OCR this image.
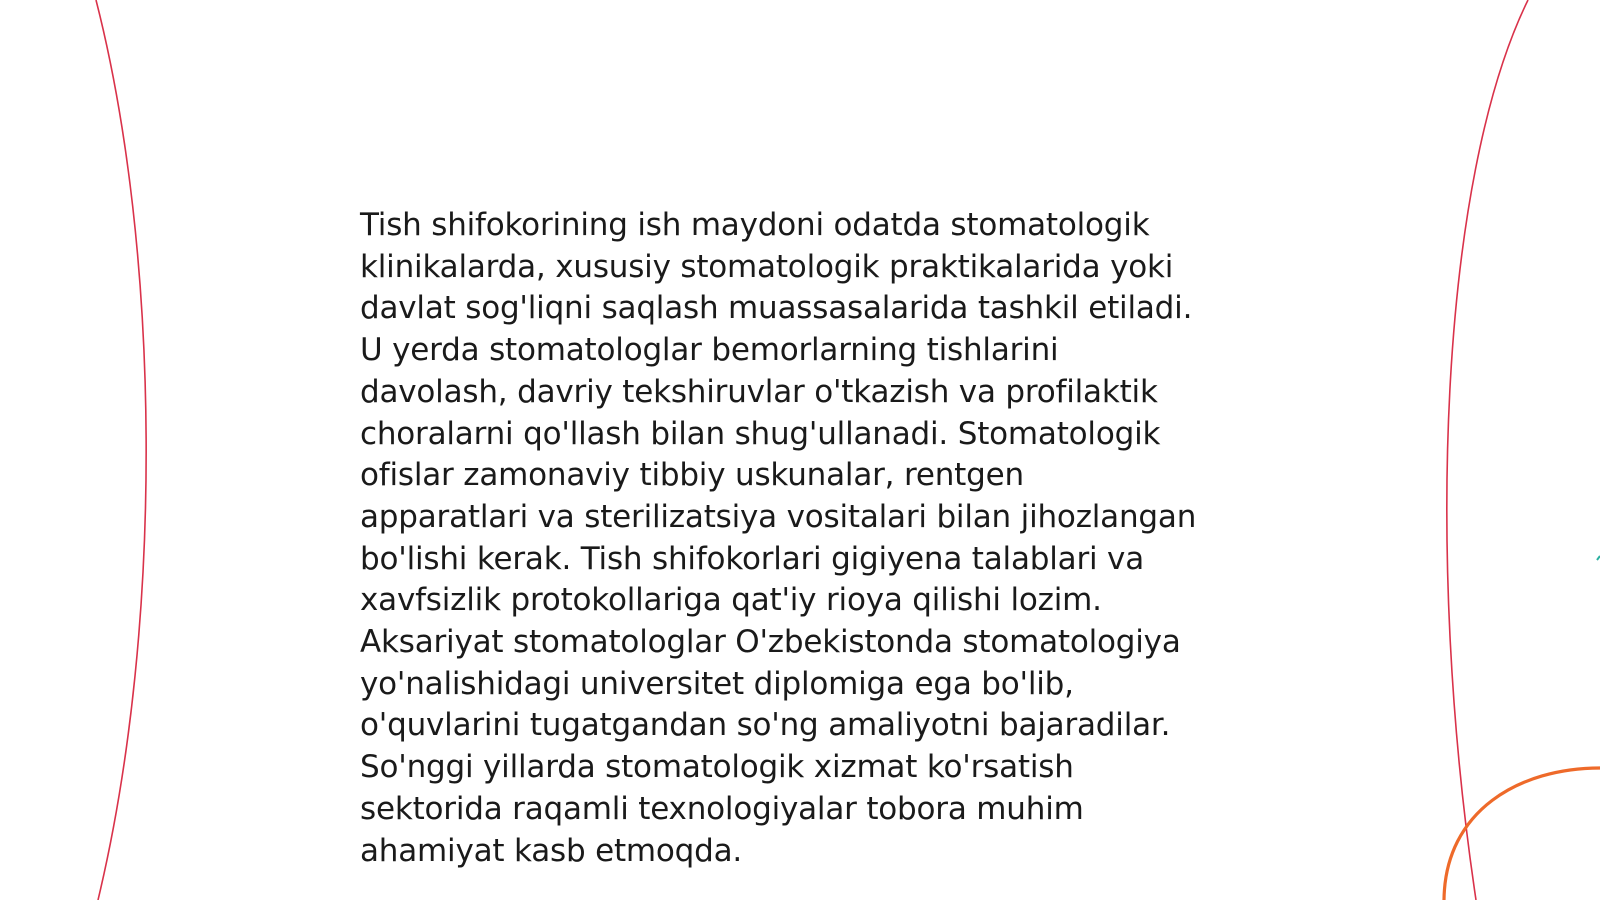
Tish shifokorining ish maydoni odatda stomatologik
klinikalarda, xususiy stomatologik praktikalarida yoki
davlat sog'liqni saqlash muassasalarida tashkil etiladi.
U yerda stomatologlar bemorlarning tishlarini
davolash, davriy tekshiruvlar o'tkazish va profilaktik
choralarni qo'llash bilan shug'ullanadi. Stomatologik
ofislar zamonaviy tibbiy uskunalar, rentgen
apparatlari va sterilizatsiya vositalari bilan jihozlangan
bo'lishi kerak. Tish shifokorlari gigiyena talablari va
xavfsizlik protokollariga qat'iy rioya qilishi lozim.
Aksariyat stomatologlar O'zbekistonda stomatologiya
yo'nalishidagi universitet diplomiga ega bo'lib,
o'quvlarini tugatgandan so'ng amaliyotni bajaradilar.
So'nggi yillarda stomatologik xizmat ko'rsatish
sektorida raqamli texnologiyalar tobora muhim
ahamiyat kasb etmoqda.
